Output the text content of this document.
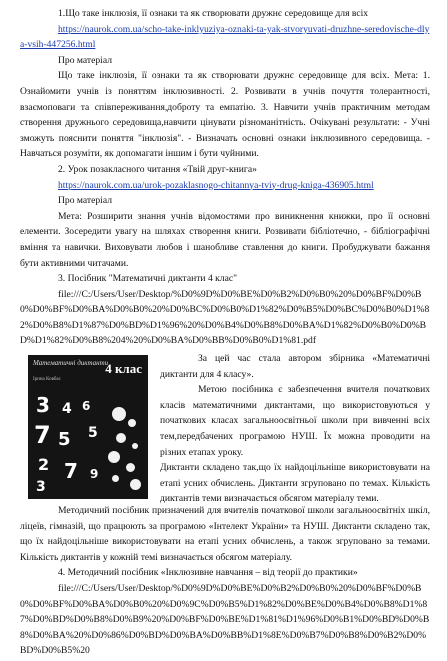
1.Що таке інклюзія, її ознаки та як створювати дружнє середовище для всіх

https://naurok.com.ua/scho-take-inklyuziya-oznaki-ta-yak-stvoryuvati-druzhne-seredovische-dlya-vsih-447256.html

Про матеріал

Що таке інклюзія, її ознаки та як створювати дружнє середовище для всіх. Мета: 1. Ознайомити учнів із поняттям інклюзивності. 2. Розвивати в учнів почуття толерантності, взаємоповаги та співпереживання,доброту та емпатію. 3. Навчити учнів практичним методам створення дружнього середовища,навчити цінувати різноманітність. Очікувані результати: - Учні зможуть пояснити поняття "інклюзія". - Визначать основні ознаки інклюзивного середовища. - Навчаться розуміти, як допомагати іншим і бути чуйними.

2. Урок позакласного читання «Твій друг-книга»

https://naurok.com.ua/urok-pozaklasnogo-chitannya-tviy-drug-kniga-436905.html

Про матеріал

Мета: Розширити знання учнів відомостями про виникнення книжки, про її основні елементи. Зосередити увагу на шляхах створення книги. Розвивати бібліотечно, - бібліографічні вміння та навички. Виховувати любов і шанобливе ставлення до книги. Пробуджувати бажання бути активними читачами.

3. Посібник "Математичні диктанти 4 клас"

file:///C:/Users/User/Desktop/%D0%9D%D0%BE%D0%B2%D0%B0%20%D0%BF%D0%B0%D0%BF%D0%BA%D0%B0%20%D0%BC%D0%B0%D1%82%D0%B5%D0%BC%D0%B0%D1%82%D0%B8%D1%87%D0%BD%D1%96%20%D0%B4%D0%B8%D0%BA%D1%82%D0%B0%D0%BD%D1%82%D0%B8%204%20%D0%BA%D0%BB%D0%B0%D1%81.pdf

Математичні диктанти
Ірина Ковбас
4 клас
3 4
7 5
2
6
7 9
3
5

За цей час стала автором збірника «Математичні диктанти для 4 класу».

Метою посібника є забезпечення вчителя початкових класів математичними диктантами, що використовуються у початкових класах загальноосвітньої школи при вивченні всіх тем,передбачених програмою НУШ. Їх можна проводити на різних етапах уроку.

Диктанти складено так,що їх найдоцільніше використовувати на етапі усних обчислень. Диктанти згруповано по темах. Кількість диктантів теми визначається обсягом матеріалу теми.

Методичний посібник призначений для вчителів початкової школи загальноосвітніх шкіл, ліцеїв, гімназій, що працюють за програмою «Інтелект України» та НУШ. Диктанти складено так, що їх найдоцільніше використовувати на етапі усних обчислень, а також згруповано за темами. Кількість диктантів у кожній темі визначається обсягом матеріалу.

4. Методичний посібник «Інклюзивне навчання – від теорії до практики»

file:///C:/Users/User/Desktop/%D0%9D%D0%BE%D0%B2%D0%B0%20%D0%BF%D0%B0%D0%BF%D0%BA%D0%B0%20%D0%9C%D0%B5%D1%82%D0%BE%D0%B4%D0%B8%D1%87%D0%BD%D0%B8%D0%B9%20%D0%BF%D0%BE%D1%81%D1%96%D0%B1%D0%BD%D0%B8%D0%BA%20%D0%86%D0%BD%D0%BA%D0%BB%D1%8E%D0%B7%D0%B8%D0%B2%D0%BD%D0%B5%20
